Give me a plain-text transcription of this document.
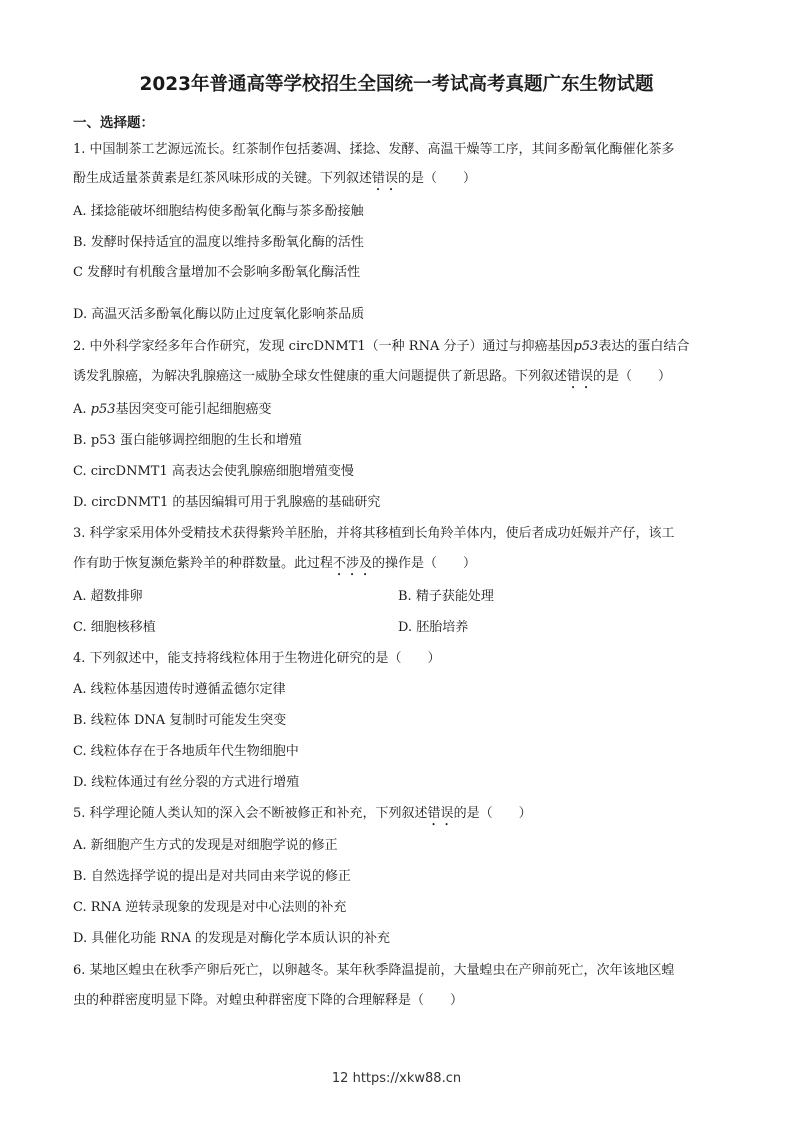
2023年普通高等学校招生全国统一考试高考真题广东生物试题
一、选择题：
1. 中国制茶工艺源远流长。红茶制作包括萎凋、揉捻、发酵、高温干燥等工序，其间多酚氧化酶催化茶多
酚生成适量茶黄素是红茶风味形成的关键。下列叙述错误的是（　　）
A. 揉捻能破坏细胞结构使多酚氧化酶与茶多酚接触
B. 发酵时保持适宜的温度以维持多酚氧化酶的活性
C 发酵时有机酸含量增加不会影响多酚氧化酶活性
D. 高温灭活多酚氧化酶以防止过度氧化影响茶品质
2. 中外科学家经多年合作研究，发现 circDNMT1（一种 RNA 分子）通过与抑癌基因p53表达的蛋白结合
诱发乳腺癌，为解决乳腺癌这一威胁全球女性健康的重大问题提供了新思路。下列叙述错误的是（　　）
A. p53基因突变可能引起细胞癌变
B. p53 蛋白能够调控细胞的生长和增殖
C. circDNMT1 高表达会使乳腺癌细胞增殖变慢
D. circDNMT1 的基因编辑可用于乳腺癌的基础研究
3. 科学家采用体外受精技术获得紫羚羊胚胎，并将其移植到长角羚羊体内，使后者成功妊娠并产仔，该工
作有助于恢复濒危紫羚羊的种群数量。此过程不涉及的操作是（　　）
A. 超数排卵	B. 精子获能处理
C. 细胞核移植	D. 胚胎培养
4. 下列叙述中，能支持将线粒体用于生物进化研究的是（　　）
A. 线粒体基因遗传时遵循孟德尔定律
B. 线粒体 DNA 复制时可能发生突变
C. 线粒体存在于各地质年代生物细胞中
D. 线粒体通过有丝分裂的方式进行增殖
5. 科学理论随人类认知的深入会不断被修正和补充，下列叙述错误的是（　　）
A. 新细胞产生方式的发现是对细胞学说的修正
B. 自然选择学说的提出是对共同由来学说的修正
C. RNA 逆转录现象的发现是对中心法则的补充
D. 具催化功能 RNA 的发现是对酶化学本质认识的补充
6. 某地区蝗虫在秋季产卵后死亡，以卵越冬。某年秋季降温提前，大量蝗虫在产卵前死亡，次年该地区蝗
虫的种群密度明显下降。对蝗虫种群密度下降的合理解释是（　　）
12 https://xkw88.cn
